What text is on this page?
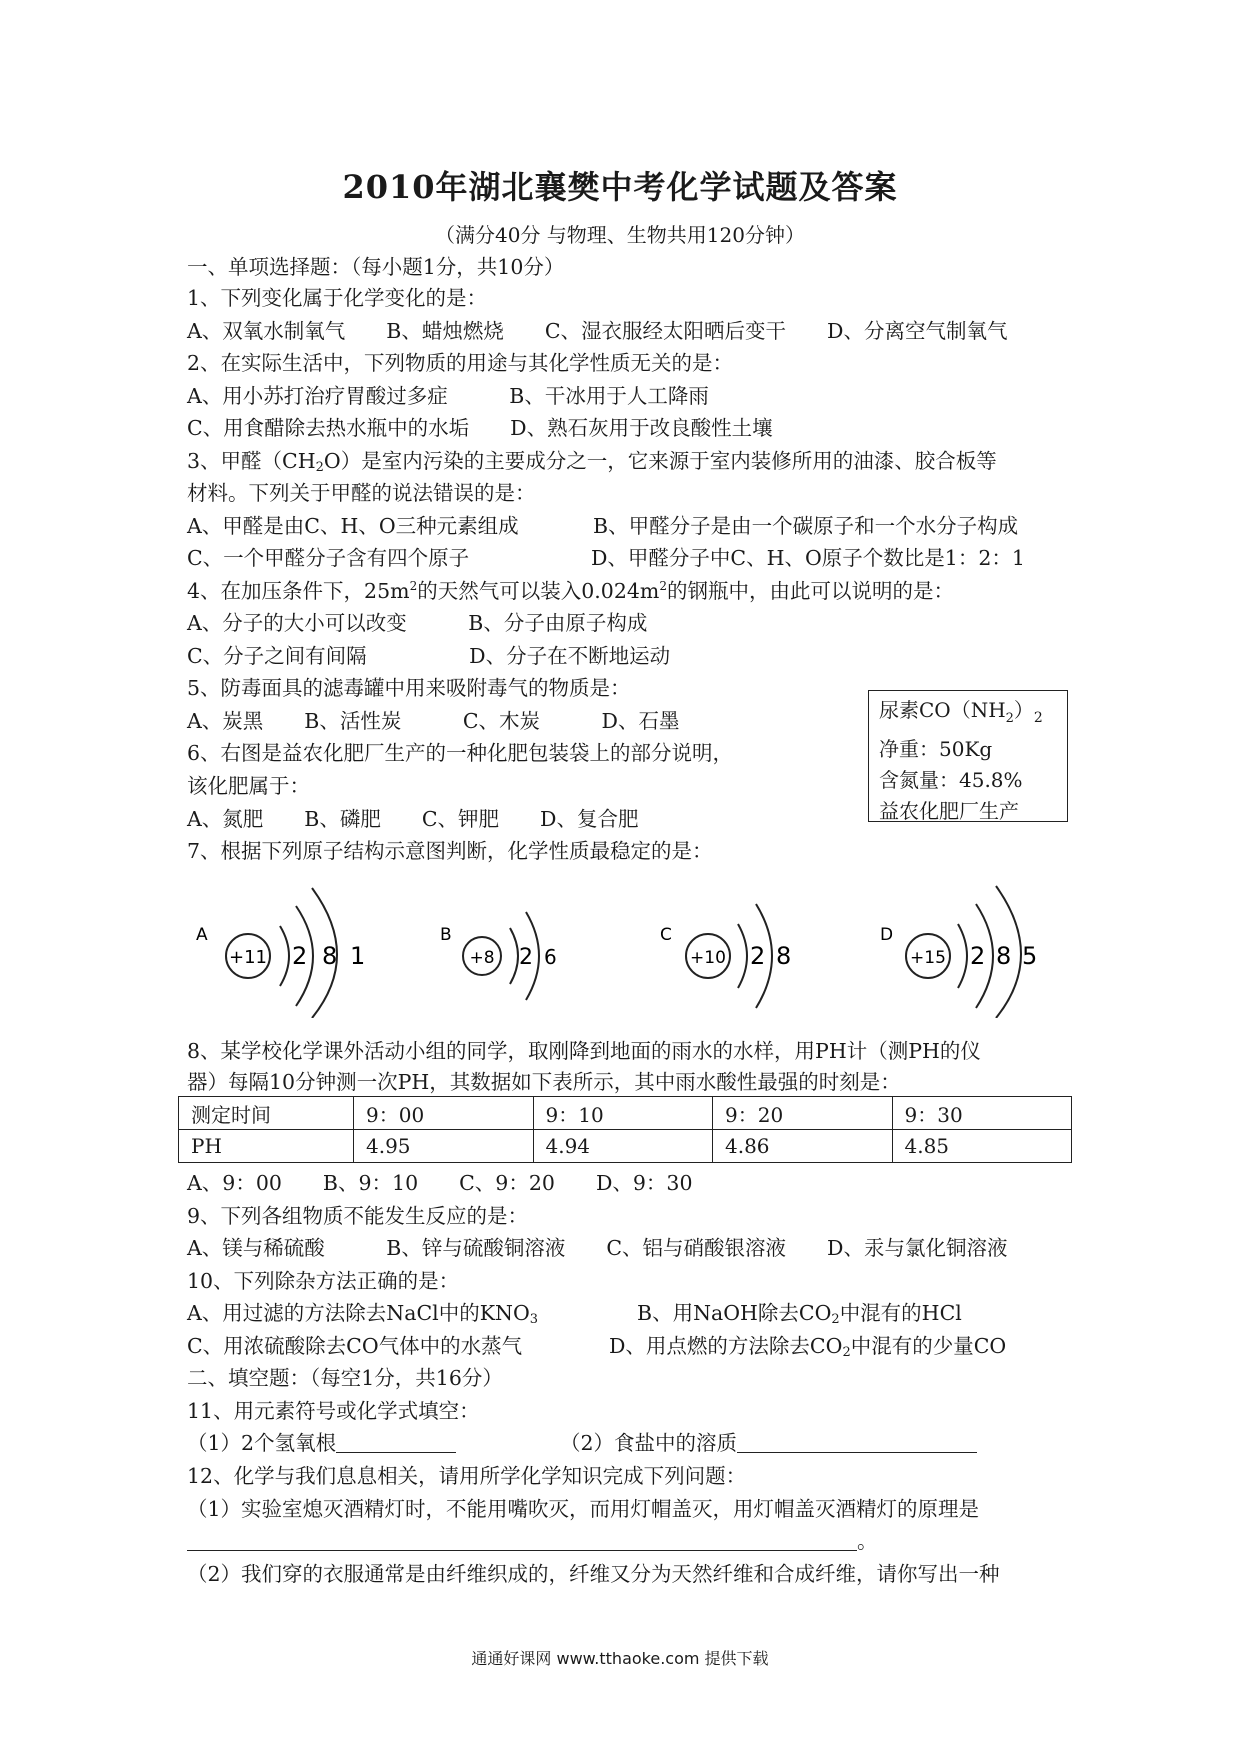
2010年湖北襄樊中考化学试题及答案
（满分40分 与物理、生物共用120分钟）
一、单项选择题：（每小题1分，共10分）
1、下列变化属于化学变化的是：
A、双氧水制氧气　　B、蜡烛燃烧　　C、湿衣服经太阳晒后变干　　D、分离空气制氧气
2、在实际生活中，下列物质的用途与其化学性质无关的是：
A、用小苏打治疗胃酸过多症　　　B、干冰用于人工降雨
C、用食醋除去热水瓶中的水垢　　D、熟石灰用于改良酸性土壤
3、甲醛$(CH_2O)$是室内污染的主要成分之一，它来源于室内装修所用的油漆、胶合板等
材料。下列关于甲醛的说法错误的是：
A、甲醛是由C、H、O三种元素组成	B、甲醛分子是由一个碳原子和一个水分子构成
C、一个甲醛分子含有四个原子	D、甲醛分子中C、H、O原子个数比是1：2：1
4、在加压条件下，$25m^2$的天然气可以装入$0.024m^2$的钢瓶中，由此可以说明的是：
A、分子的大小可以改变　　　B、分子由原子构成
C、分子之间有间隔　　　　　D、分子在不断地运动
5、防毒面具的滤毒罐中用来吸附毒气的物质是：
A、炭黑　　B、活性炭　　　C、木炭　　　D、石墨
6、右图是益农化肥厂生产的一种化肥包装袋上的部分说明，
该化肥属于：
A、氮肥　　B、磷肥　　C、钾肥　　D、复合肥
尿素$CO(NH_2)_2$
净重：50Kg
含氮量：45.8%
益农化肥厂生产
7、根据下列原子结构示意图判断，化学性质最稳定的是：
A
+11 2 8 1
B
+8 2 6
C
+10 2 8
D
+15 2 8 5
8、某学校化学课外活动小组的同学，取刚降到地面的雨水的水样，用PH计（测PH的仪
器）每隔10分钟测一次PH，其数据如下表所示，其中雨水酸性最强的时刻是：
测定时间	9：00	9：10	9：20	9：30
PH	4.95	4.94	4.86	4.85
A、9：00　　B、9：10　　C、9：20　　D、9：30
9、下列各组物质不能发生反应的是：
A、镁与稀硫酸　　　B、锌与硫酸铜溶液　　C、铝与硝酸银溶液　　D、汞与氯化铜溶液
10、下列除杂方法正确的是：
A、用过滤的方法除去NaCl中的$KNO_3$	B、用NaOH除去$CO_2$中混有的HCl
C、用浓硫酸除去CO气体中的水蒸气	D、用点燃的方法除去$CO_2$中混有的少量CO
二、填空题：（每空1分，共16分）
11、用元素符号或化学式填空：
（1）2个氢氧根	（2）食盐中的溶质
12、化学与我们息息相关，请用所学化学知识完成下列问题：
（1）实验室熄灭酒精灯时，不能用嘴吹灭，而用灯帽盖灭，用灯帽盖灭酒精灯的原理是
。
（2）我们穿的衣服通常是由纤维织成的，纤维又分为天然纤维和合成纤维，请你写出一种
通通好课网 www.tthaoke.com 提供下载
